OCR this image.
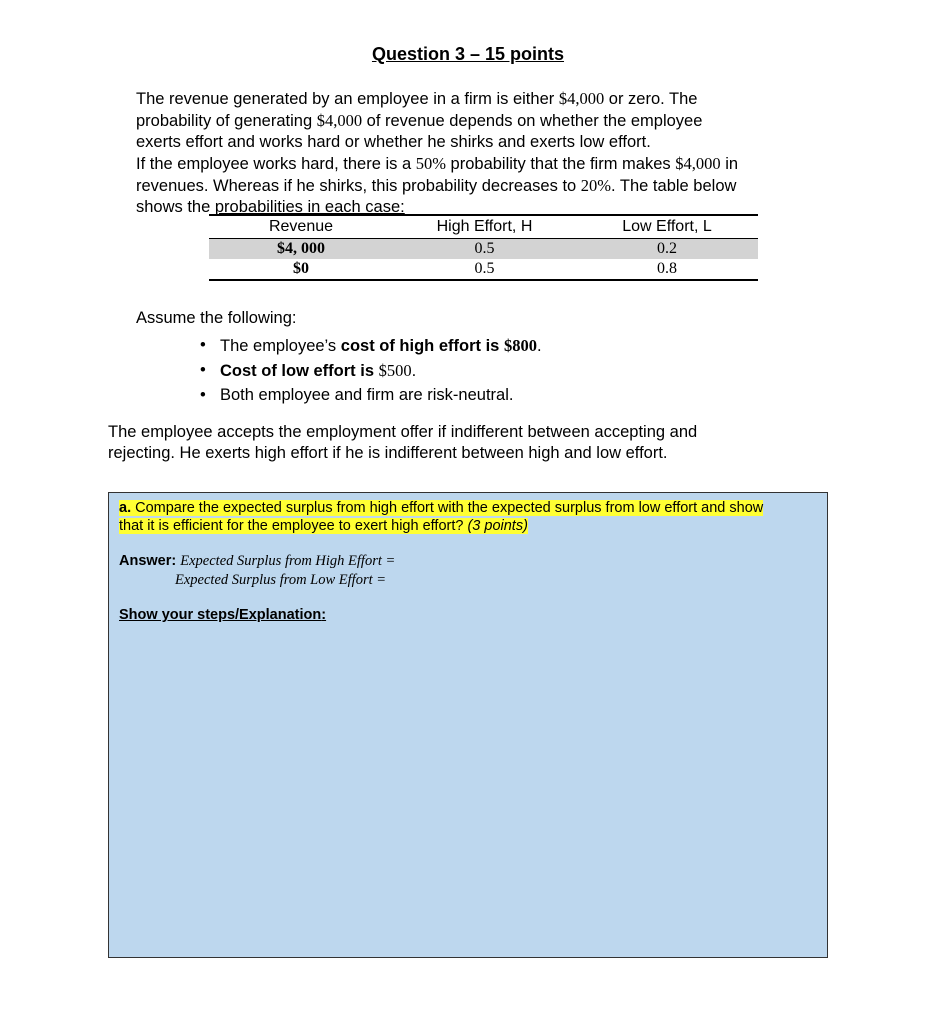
Question 3 – 15 points

The revenue generated by an employee in a firm is either $4,000 or zero. The

probability of generating $4,000 of revenue depends on whether the employee

exerts effort and works hard or whether he shirks and exerts low effort.

If the employee works hard, there is a 50% probability that the firm makes $4,000 in

revenues. Whereas if he shirks, this probability decreases to 20%. The table below

shows the probabilities in each case:

Revenue	High Effort, H	Low Effort, L
$4, 000	0.5	0.2
$0	0.5	0.8
Assume the following:
• The employee’s cost of high effort is $800.
• Cost of low effort is $500.
• Both employee and firm are risk-neutral.

The employee accepts the employment offer if indifferent between accepting and

rejecting. He exerts high effort if he is indifferent between high and low effort.

a. Compare the expected surplus from high effort with the expected surplus from low effort and show
that it is efficient for the employee to exert high effort? (3 points)
Answer: Expected Surplus from High Effort =
Expected Surplus from Low Effort =
Show your steps/Explanation:
